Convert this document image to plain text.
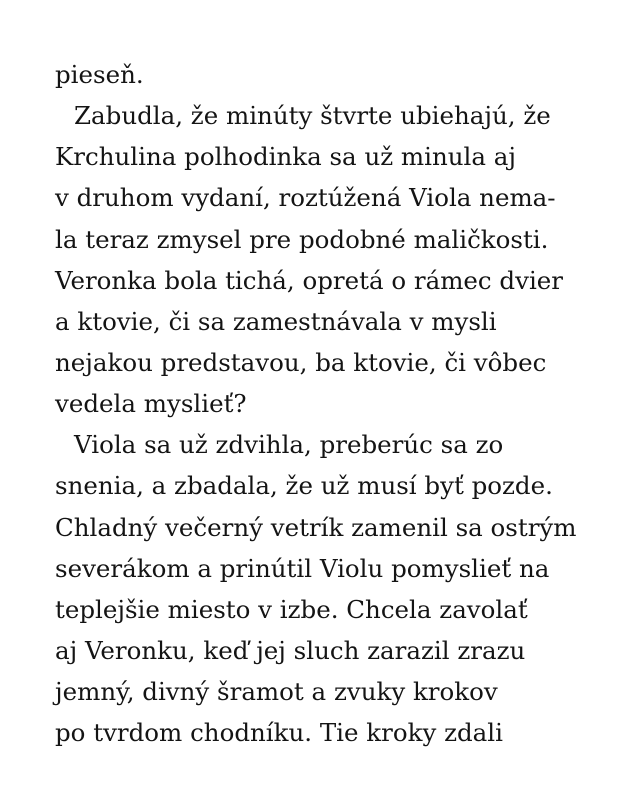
pieseň.
Zabudla, že minúty štvrte ubiehajú, že
Krchulina polhodinka sa už minula aj
v druhom vydaní, roztúžená Viola nema-
la teraz zmysel pre podobné maličkosti.
Veronka bola tichá, opretá o rámec dvier
a ktovie, či sa zamestnávala v mysli
nejakou predstavou, ba ktovie, či vôbec
vedela myslieť?
Viola sa už zdvihla, preberúc sa zo
snenia, a zbadala, že už musí byť pozde.
Chladný večerný vetrík zamenil sa ostrým
severákom a prinútil Violu pomyslieť na
teplejšie miesto v izbe. Chcela zavolať
aj Veronku, keď jej sluch zarazil zrazu
jemný, divný šramot a zvuky krokov
po tvrdom chodníku. Tie kroky zdali
